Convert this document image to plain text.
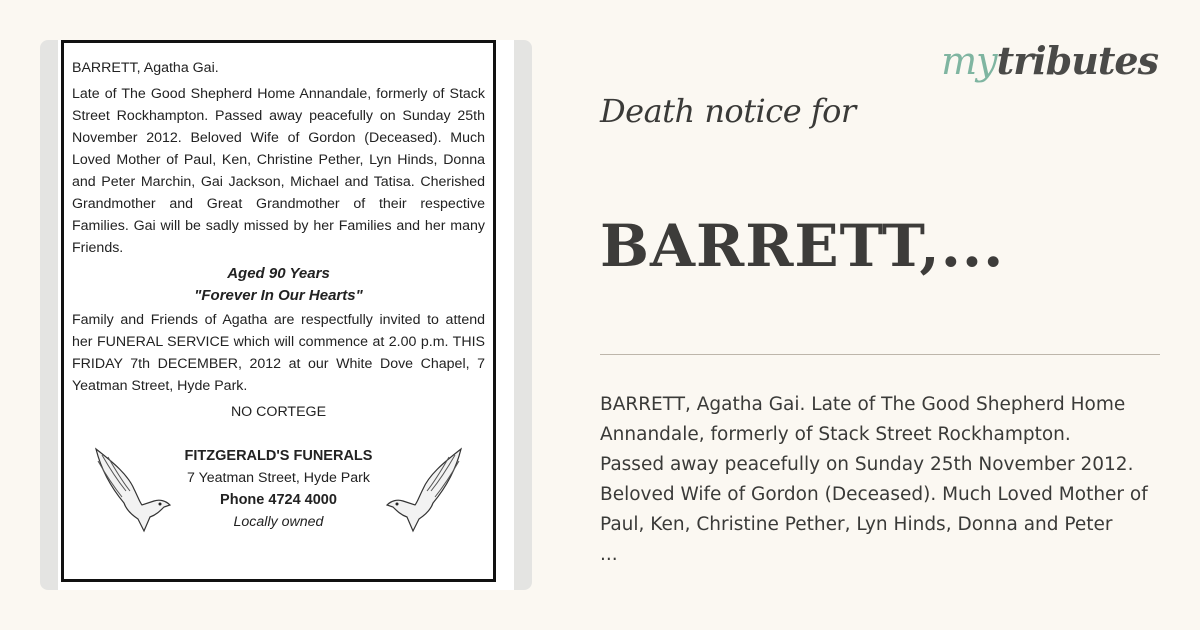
BARRETT, Agatha Gai.

Late of The Good Shepherd Home Annandale, formerly of Stack Street Rockhampton. Passed away peacefully on Sunday 25th November 2012. Beloved Wife of Gordon (Deceased). Much Loved Mother of Paul, Ken, Christine Pether, Lyn Hinds, Donna and Peter Marchin, Gai Jackson, Michael and Tatisa. Cherished Grandmother and Great Grandmother of their respective Families. Gai will be sadly missed by her Families and her many Friends.

Aged 90 Years

"Forever In Our Hearts"

Family and Friends of Agatha are respectfully invited to attend her FUNERAL SERVICE which will commence at 2.00 p.m. THIS FRIDAY 7th DECEMBER, 2012 at our White Dove Chapel, 7 Yeatman Street, Hyde Park.

NO CORTEGE

FITZGERALD'S FUNERALS
7 Yeatman Street, Hyde Park
Phone 4724 4000
Locally owned
mytributes
Death notice for
BARRETT,...
BARRETT, Agatha Gai. Late of The Good Shepherd Home
Annandale, formerly of Stack Street Rockhampton.
Passed away peacefully on Sunday 25th November 2012.
Beloved Wife of Gordon (Deceased). Much Loved Mother of
Paul, Ken, Christine Pether, Lyn Hinds, Donna and Peter
...
